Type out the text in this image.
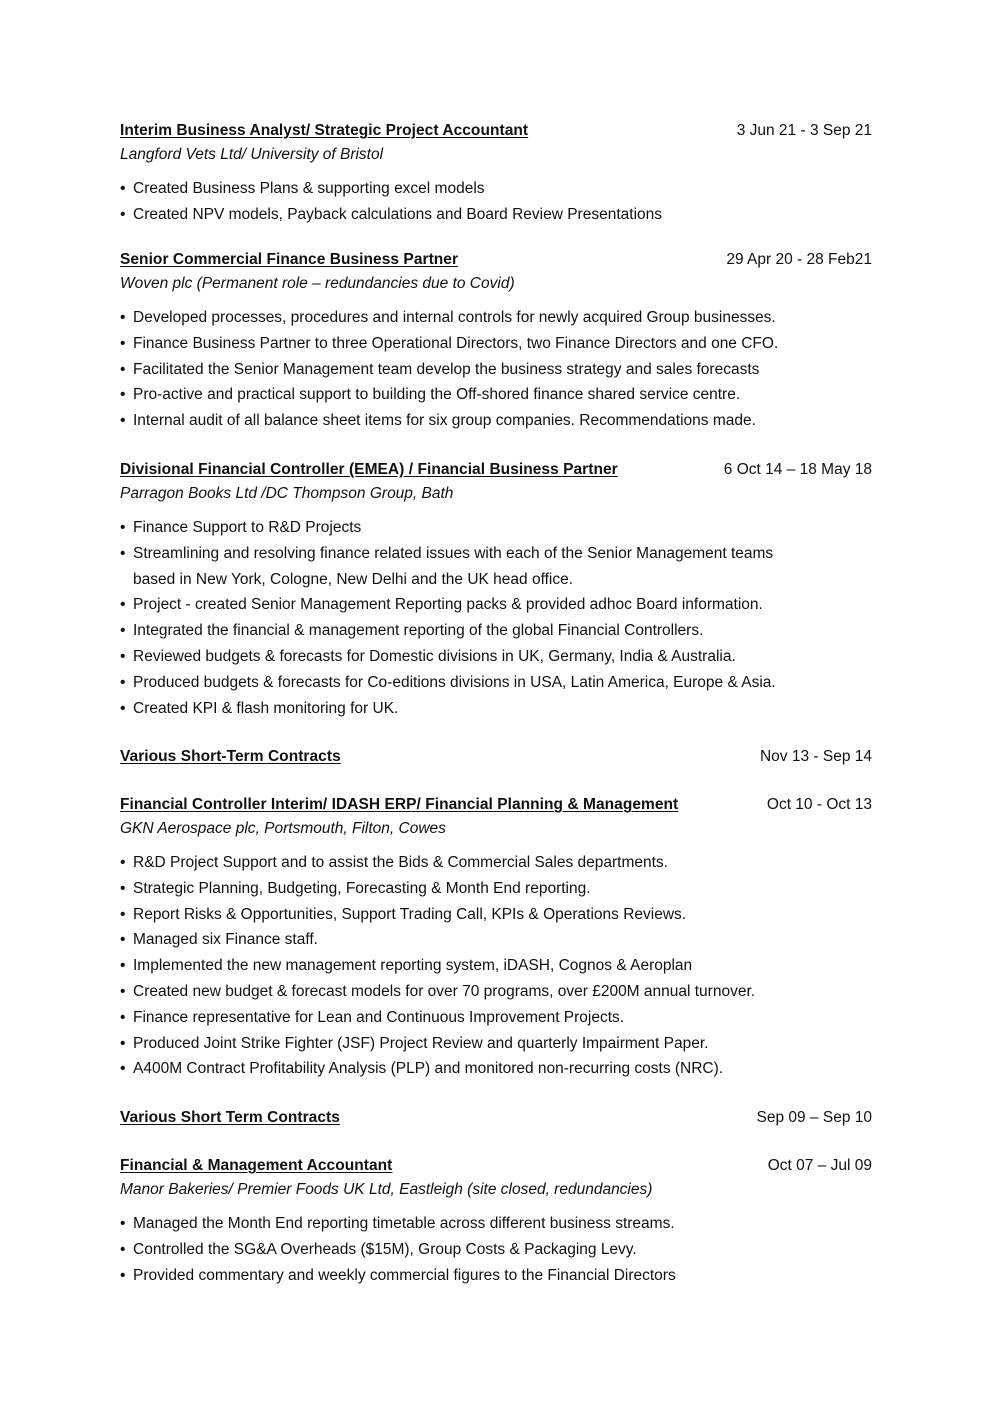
Interim Business Analyst/ Strategic Project Accountant	3 Jun 21 - 3 Sep 21
Langford Vets Ltd/ University of Bristol
• Created Business Plans & supporting excel models
• Created NPV models, Payback calculations and Board Review Presentations
Senior Commercial Finance Business Partner	29 Apr 20 - 28 Feb21
Woven plc (Permanent role – redundancies due to Covid)
• Developed processes, procedures and internal controls for newly acquired Group businesses.
• Finance Business Partner to three Operational Directors, two Finance Directors and one CFO.
• Facilitated the Senior Management team develop the business strategy and sales forecasts
• Pro-active and practical support to building the Off-shored finance shared service centre.
• Internal audit of all balance sheet items for six group companies. Recommendations made.
Divisional Financial Controller (EMEA) / Financial Business Partner	6 Oct 14 – 18 May 18
Parragon Books Ltd /DC Thompson Group, Bath
• Finance Support to R&D Projects
• Streamlining and resolving finance related issues with each of the Senior Management teams
based in New York, Cologne, New Delhi and the UK head office.
• Project - created Senior Management Reporting packs & provided adhoc Board information.
• Integrated the financial & management reporting of the global Financial Controllers.
• Reviewed budgets & forecasts for Domestic divisions in UK, Germany, India & Australia.
• Produced budgets & forecasts for Co-editions divisions in USA, Latin America, Europe & Asia.
• Created KPI & flash monitoring for UK.
Various Short-Term Contracts	Nov 13 - Sep 14
Financial Controller Interim/ IDASH ERP/ Financial Planning & Management	Oct 10 - Oct 13
GKN Aerospace plc, Portsmouth, Filton, Cowes
• R&D Project Support and to assist the Bids & Commercial Sales departments.
• Strategic Planning, Budgeting, Forecasting & Month End reporting.
• Report Risks & Opportunities, Support Trading Call, KPIs & Operations Reviews.
• Managed six Finance staff.
• Implemented the new management reporting system, iDASH, Cognos & Aeroplan
• Created new budget & forecast models for over 70 programs, over £200M annual turnover.
• Finance representative for Lean and Continuous Improvement Projects.
• Produced Joint Strike Fighter (JSF) Project Review and quarterly Impairment Paper.
• A400M Contract Profitability Analysis (PLP) and monitored non-recurring costs (NRC).
Various Short Term Contracts	Sep 09 – Sep 10
Financial & Management Accountant	Oct 07 – Jul 09
Manor Bakeries/ Premier Foods UK Ltd, Eastleigh (site closed, redundancies)
• Managed the Month End reporting timetable across different business streams.
• Controlled the SG&A Overheads ($15M), Group Costs & Packaging Levy.
• Provided commentary and weekly commercial figures to the Financial Directors
